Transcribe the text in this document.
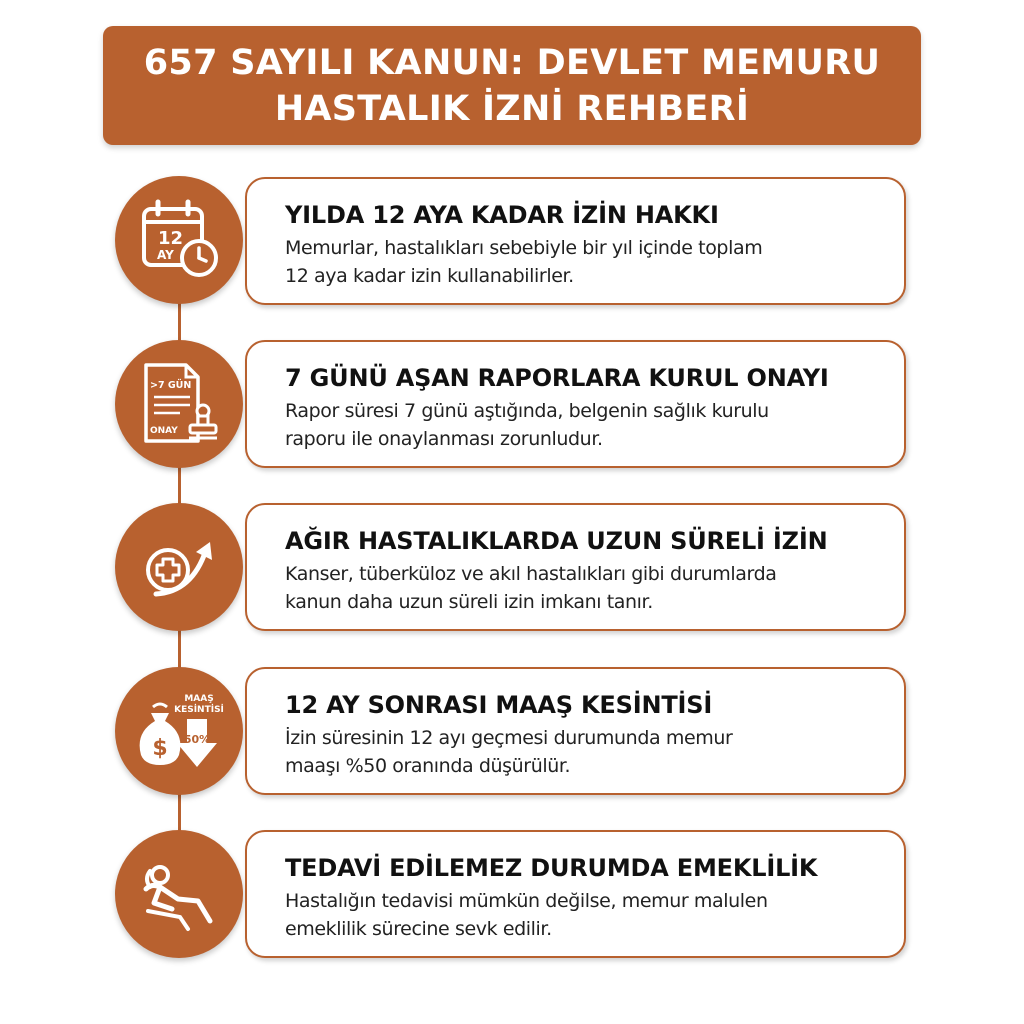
657 SAYILI KANUN: DEVLET MEMURU
HASTALIK İZNİ REHBERİ
12
AY
YILDA 12 AYA KADAR İZİN HAKKI
Memurlar, hastalıkları sebebiyle bir yıl içinde toplam
12 aya kadar izin kullanabilirler.
>7 GÜN
ONAY
7 GÜNÜ AŞAN RAPORLARA KURUL ONAYI
Rapor süresi 7 günü aştığında, belgenin sağlık kurulu
raporu ile onaylanması zorunludur.
AĞIR HASTALIKLARDA UZUN SÜRELİ İZİN
Kanser, tüberküloz ve akıl hastalıkları gibi durumlarda
kanun daha uzun süreli izin imkanı tanır.
MAAŞ
KESİNTİSİ
$ 50%
12 AY SONRASI MAAŞ KESİNTİSİ
İzin süresinin 12 ayı geçmesi durumunda memur
maaşı %50 oranında düşürülür.
TEDAVİ EDİLEMEZ DURUMDA EMEKLİLİK
Hastalığın tedavisi mümkün değilse, memur malulen
emeklilik sürecine sevk edilir.
